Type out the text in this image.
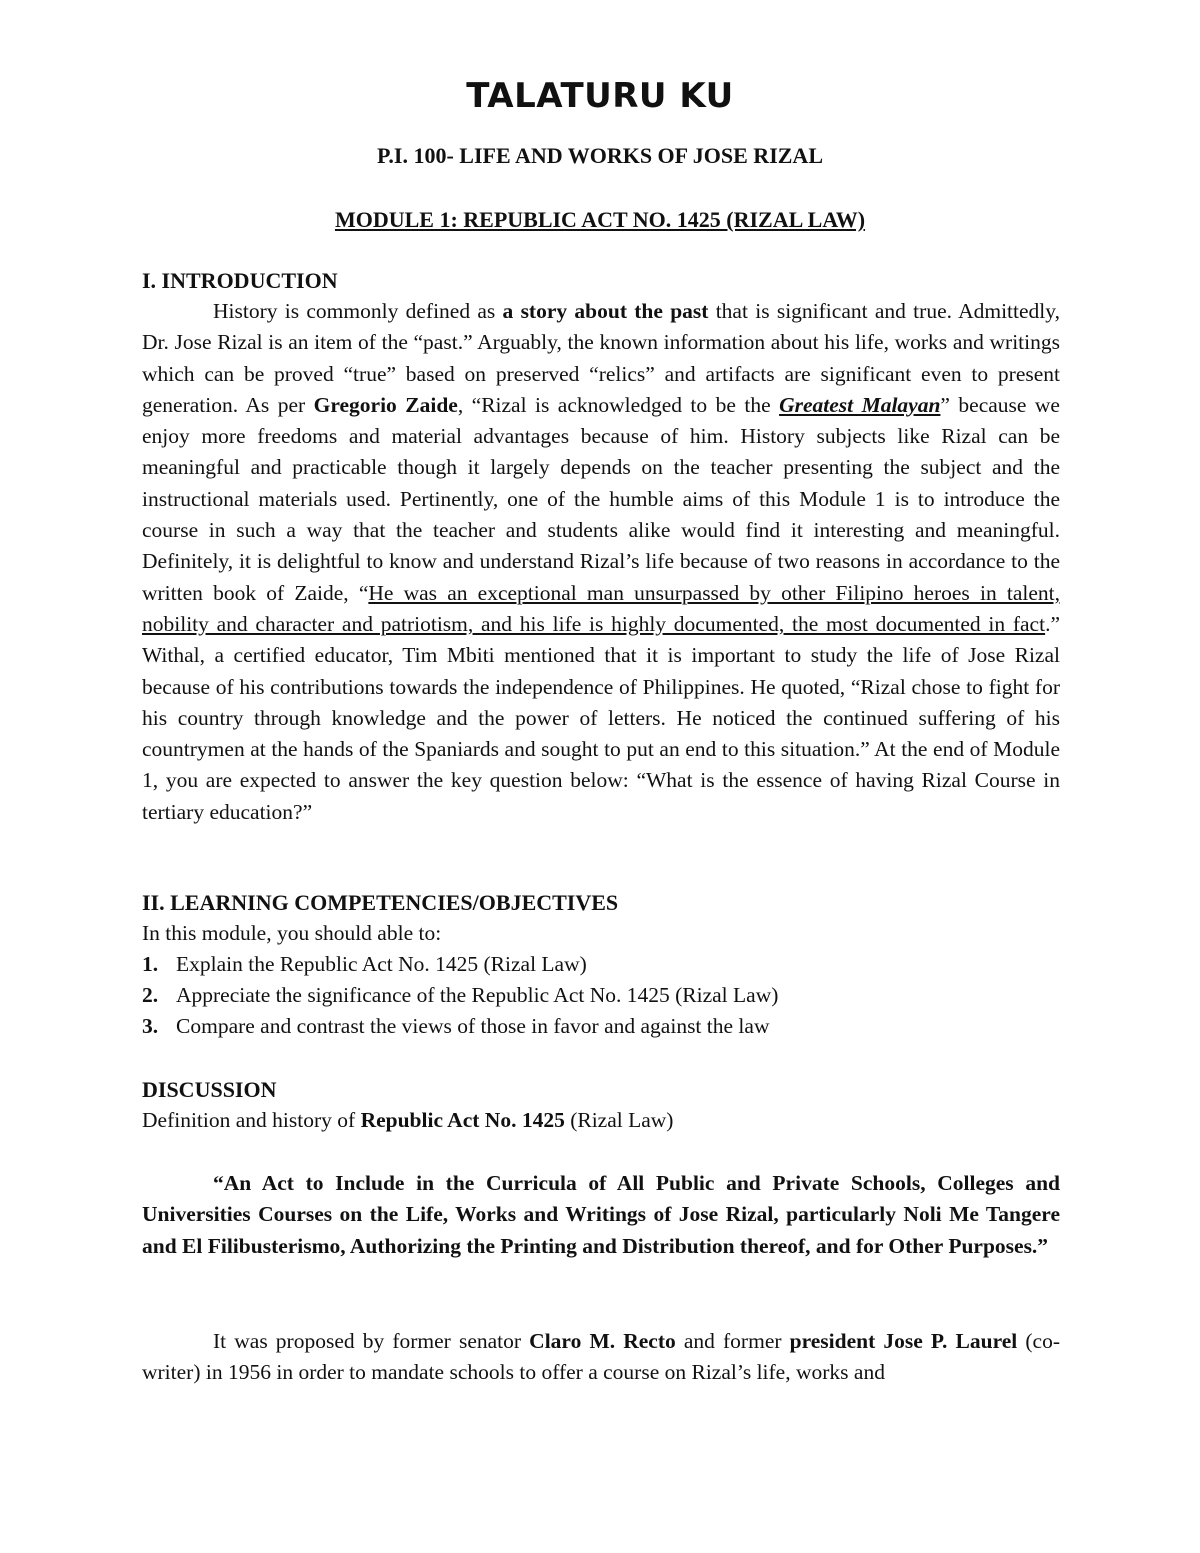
TALATURU KU

P.I. 100- LIFE AND WORKS OF JOSE RIZAL

MODULE 1: REPUBLIC ACT NO. 1425 (RIZAL LAW)

I. INTRODUCTION

History is commonly defined as a story about the past that is significant and true. Admittedly, Dr. Jose Rizal is an item of the “past.” Arguably, the known information about his life, works and writings which can be proved “true” based on preserved “relics” and artifacts are significant even to present generation. As per Gregorio Zaide, “Rizal is acknowledged to be the Greatest Malayan” because we enjoy more freedoms and material advantages because of him. History subjects like Rizal can be meaningful and practicable though it largely depends on the teacher presenting the subject and the instructional materials used. Pertinently, one of the humble aims of this Module 1 is to introduce the course in such a way that the teacher and students alike would find it interesting and meaningful. Definitely, it is delightful to know and understand Rizal’s life because of two reasons in accordance to the written book of Zaide, “He was an exceptional man unsurpassed by other Filipino heroes in talent, nobility and character and patriotism, and his life is highly documented, the most documented in fact.” Withal, a certified educator, Tim Mbiti mentioned that it is important to study the life of Jose Rizal because of his contributions towards the independence of Philippines. He quoted, “Rizal chose to fight for his country through knowledge and the power of letters. He noticed the continued suffering of his countrymen at the hands of the Spaniards and sought to put an end to this situation.” At the end of Module 1, you are expected to answer the key question below: “What is the essence of having Rizal Course in tertiary education?”

II. LEARNING COMPETENCIES/OBJECTIVES

In this module, you should able to:

1. Explain the Republic Act No. 1425 (Rizal Law)
2. Appreciate the significance of the Republic Act No. 1425 (Rizal Law)
3. Compare and contrast the views of those in favor and against the law

DISCUSSION

Definition and history of Republic Act No. 1425 (Rizal Law)

“An Act to Include in the Curricula of All Public and Private Schools, Colleges and Universities Courses on the Life, Works and Writings of Jose Rizal, particularly Noli Me Tangere and El Filibusterismo, Authorizing the Printing and Distribution thereof, and for Other Purposes.”

It was proposed by former senator Claro M. Recto and former president Jose P. Laurel (co-writer) in 1956 in order to mandate schools to offer a course on Rizal’s life, works and
